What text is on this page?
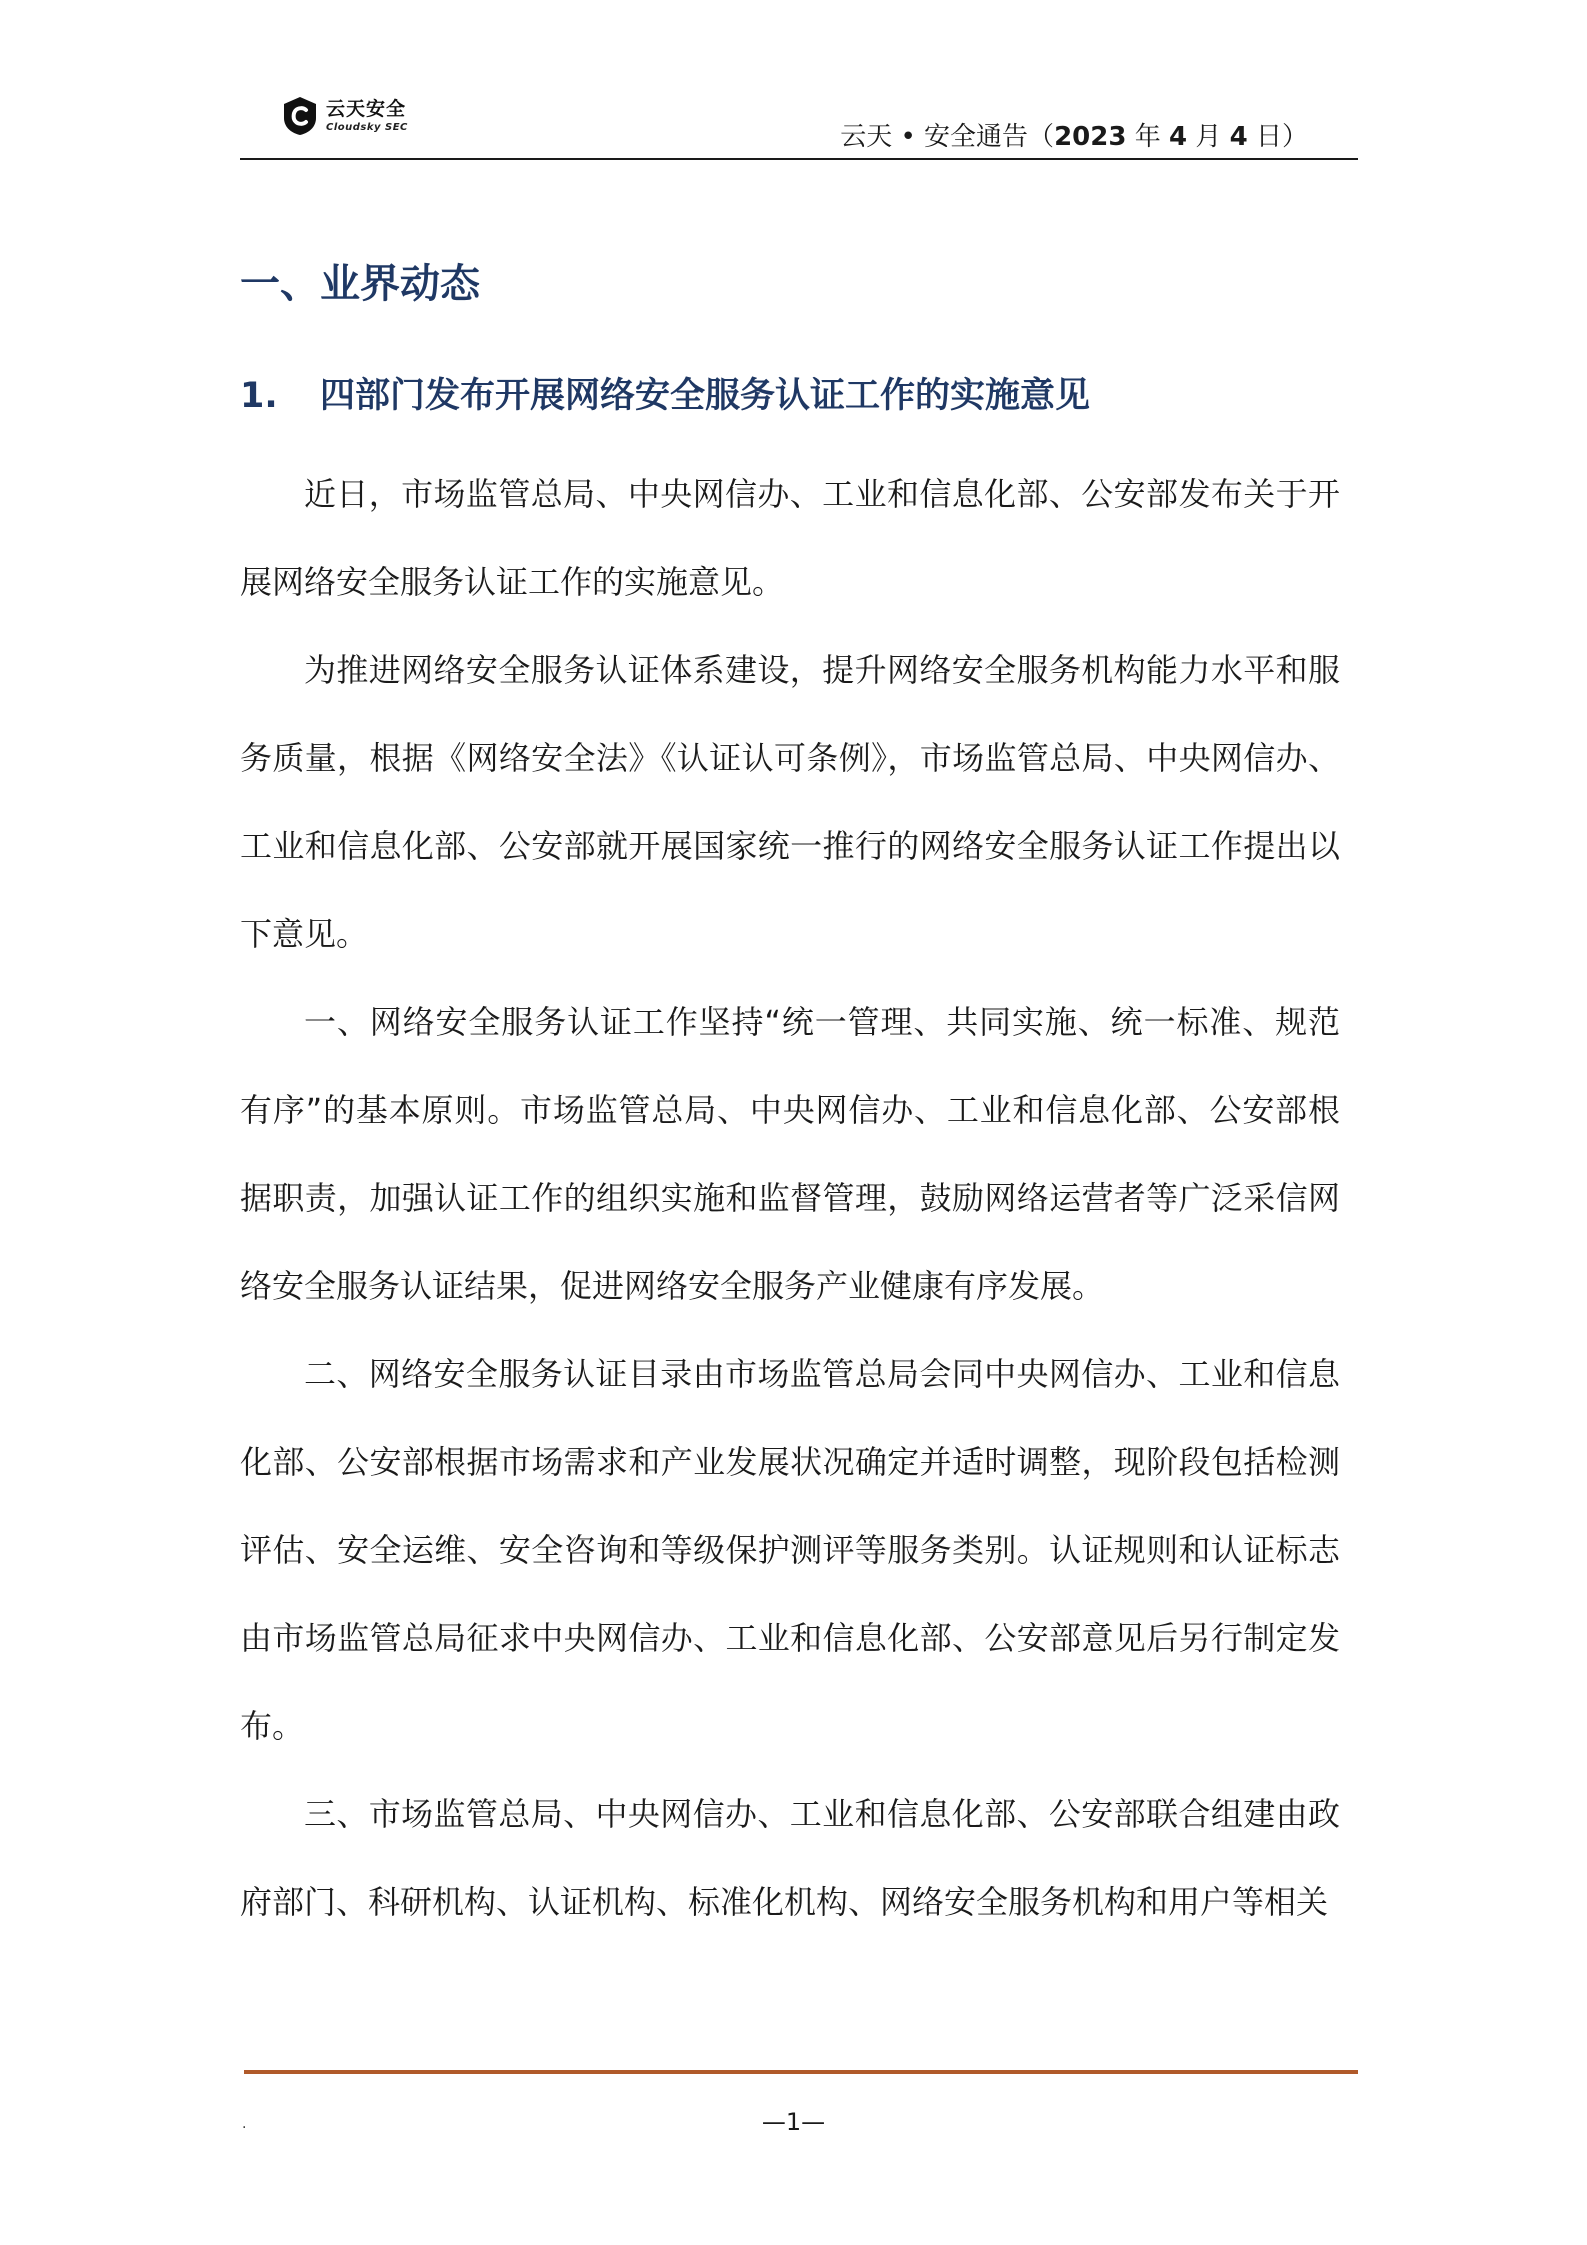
云天安全
Cloudsky SEC	云天 • 安全通告（2023 年 4 月 4 日）
一、业界动态
1. 四部门发布开展网络安全服务认证工作的实施意见

近日，市场监管总局、中央网信办、工业和信息化部、公安部发布关于开展网络安全服务认证工作的实施意见。

为推进网络安全服务认证体系建设，提升网络安全服务机构能力水平和服务质量，根据《网络安全法》《认证认可条例》，市场监管总局、中央网信办、工业和信息化部、公安部就开展国家统一推行的网络安全服务认证工作提出以下意见。

一、网络安全服务认证工作坚持“统一管理、共同实施、统一标准、规范有序”的基本原则。市场监管总局、中央网信办、工业和信息化部、公安部根据职责，加强认证工作的组织实施和监督管理，鼓励网络运营者等广泛采信网络安全服务认证结果，促进网络安全服务产业健康有序发展。

二、网络安全服务认证目录由市场监管总局会同中央网信办、工业和信息化部、公安部根据市场需求和产业发展状况确定并适时调整，现阶段包括检测评估、安全运维、安全咨询和等级保护测评等服务类别。认证规则和认证标志由市场监管总局征求中央网信办、工业和信息化部、公安部意见后另行制定发布。

三、市场监管总局、中央网信办、工业和信息化部、公安部联合组建由政府部门、科研机构、认证机构、标准化机构、网络安全服务机构和用户等相关

.	—1—
